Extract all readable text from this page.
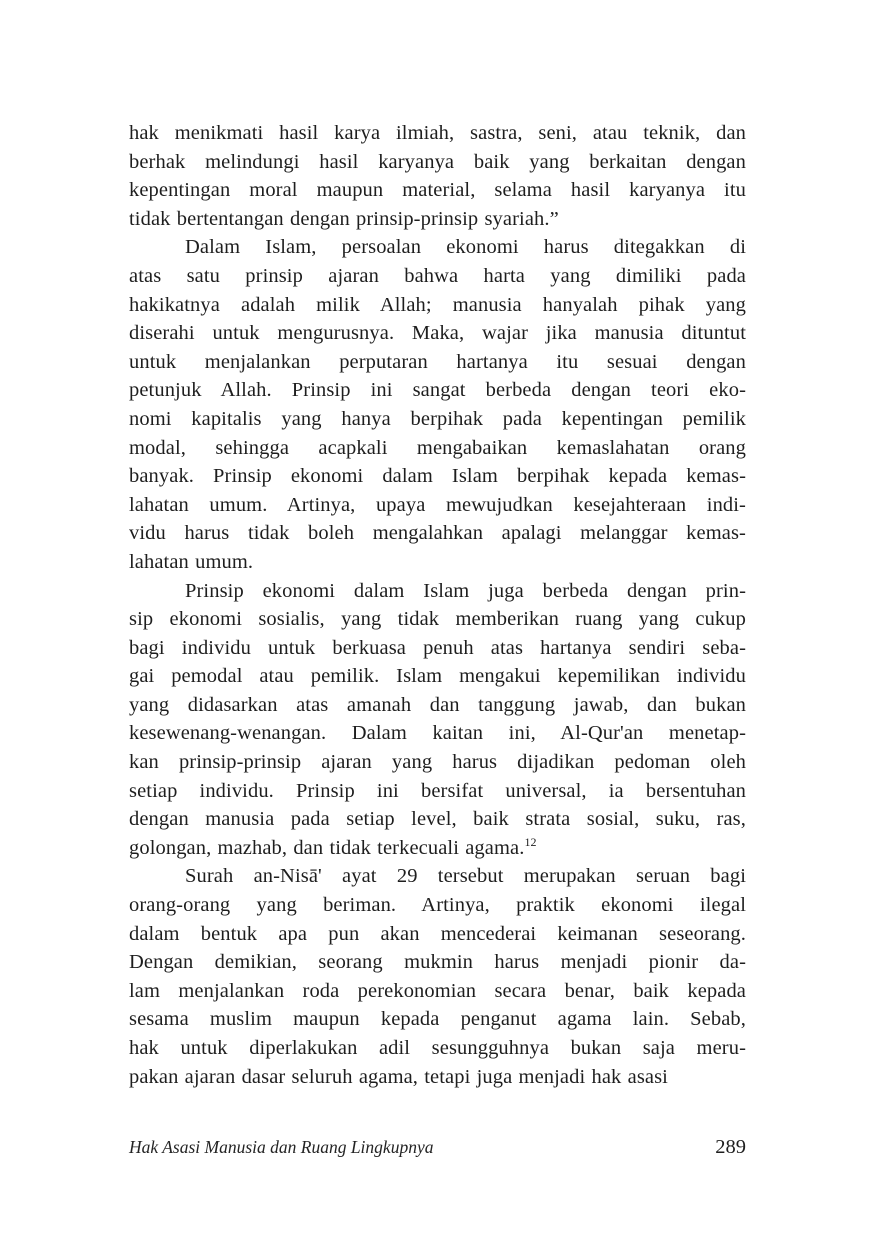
hak menikmati hasil karya ilmiah, sastra, seni, atau teknik, dan
berhak melindungi hasil karyanya baik yang berkaitan dengan
kepentingan moral maupun material, selama hasil karyanya itu
tidak bertentangan dengan prinsip-prinsip syariah.”

Dalam Islam, persoalan ekonomi harus ditegakkan di
atas satu prinsip ajaran bahwa harta yang dimiliki pada
hakikatnya adalah milik Allah; manusia hanyalah pihak yang
diserahi untuk mengurusnya. Maka, wajar jika manusia dituntut
untuk menjalankan perputaran hartanya itu sesuai dengan
petunjuk Allah. Prinsip ini sangat berbeda dengan teori eko-
nomi kapitalis yang hanya berpihak pada kepentingan pemilik
modal, sehingga acapkali mengabaikan kemaslahatan orang
banyak. Prinsip ekonomi dalam Islam berpihak kepada kemas-
lahatan umum. Artinya, upaya mewujudkan kesejahteraan indi-
vidu harus tidak boleh mengalahkan apalagi melanggar kemas-
lahatan umum.

Prinsip ekonomi dalam Islam juga berbeda dengan prin-
sip ekonomi sosialis, yang tidak memberikan ruang yang cukup
bagi individu untuk berkuasa penuh atas hartanya sendiri seba-
gai pemodal atau pemilik. Islam mengakui kepemilikan individu
yang didasarkan atas amanah dan tanggung jawab, dan bukan
kesewenang-wenangan. Dalam kaitan ini, Al-Qur'an menetap-
kan prinsip-prinsip ajaran yang harus dijadikan pedoman oleh
setiap individu. Prinsip ini bersifat universal, ia bersentuhan
dengan manusia pada setiap level, baik strata sosial, suku, ras,
golongan, mazhab, dan tidak terkecuali agama.$^{12}$

Surah an-Nisā' ayat 29 tersebut merupakan seruan bagi
orang-orang yang beriman. Artinya, praktik ekonomi ilegal
dalam bentuk apa pun akan mencederai keimanan seseorang.
Dengan demikian, seorang mukmin harus menjadi pionir da-
lam menjalankan roda perekonomian secara benar, baik kepada
sesama muslim maupun kepada penganut agama lain. Sebab,
hak untuk diperlakukan adil sesungguhnya bukan saja meru-
pakan ajaran dasar seluruh agama, tetapi juga menjadi hak asasi

Hak Asasi Manusia dan Ruang Lingkupnya	289
